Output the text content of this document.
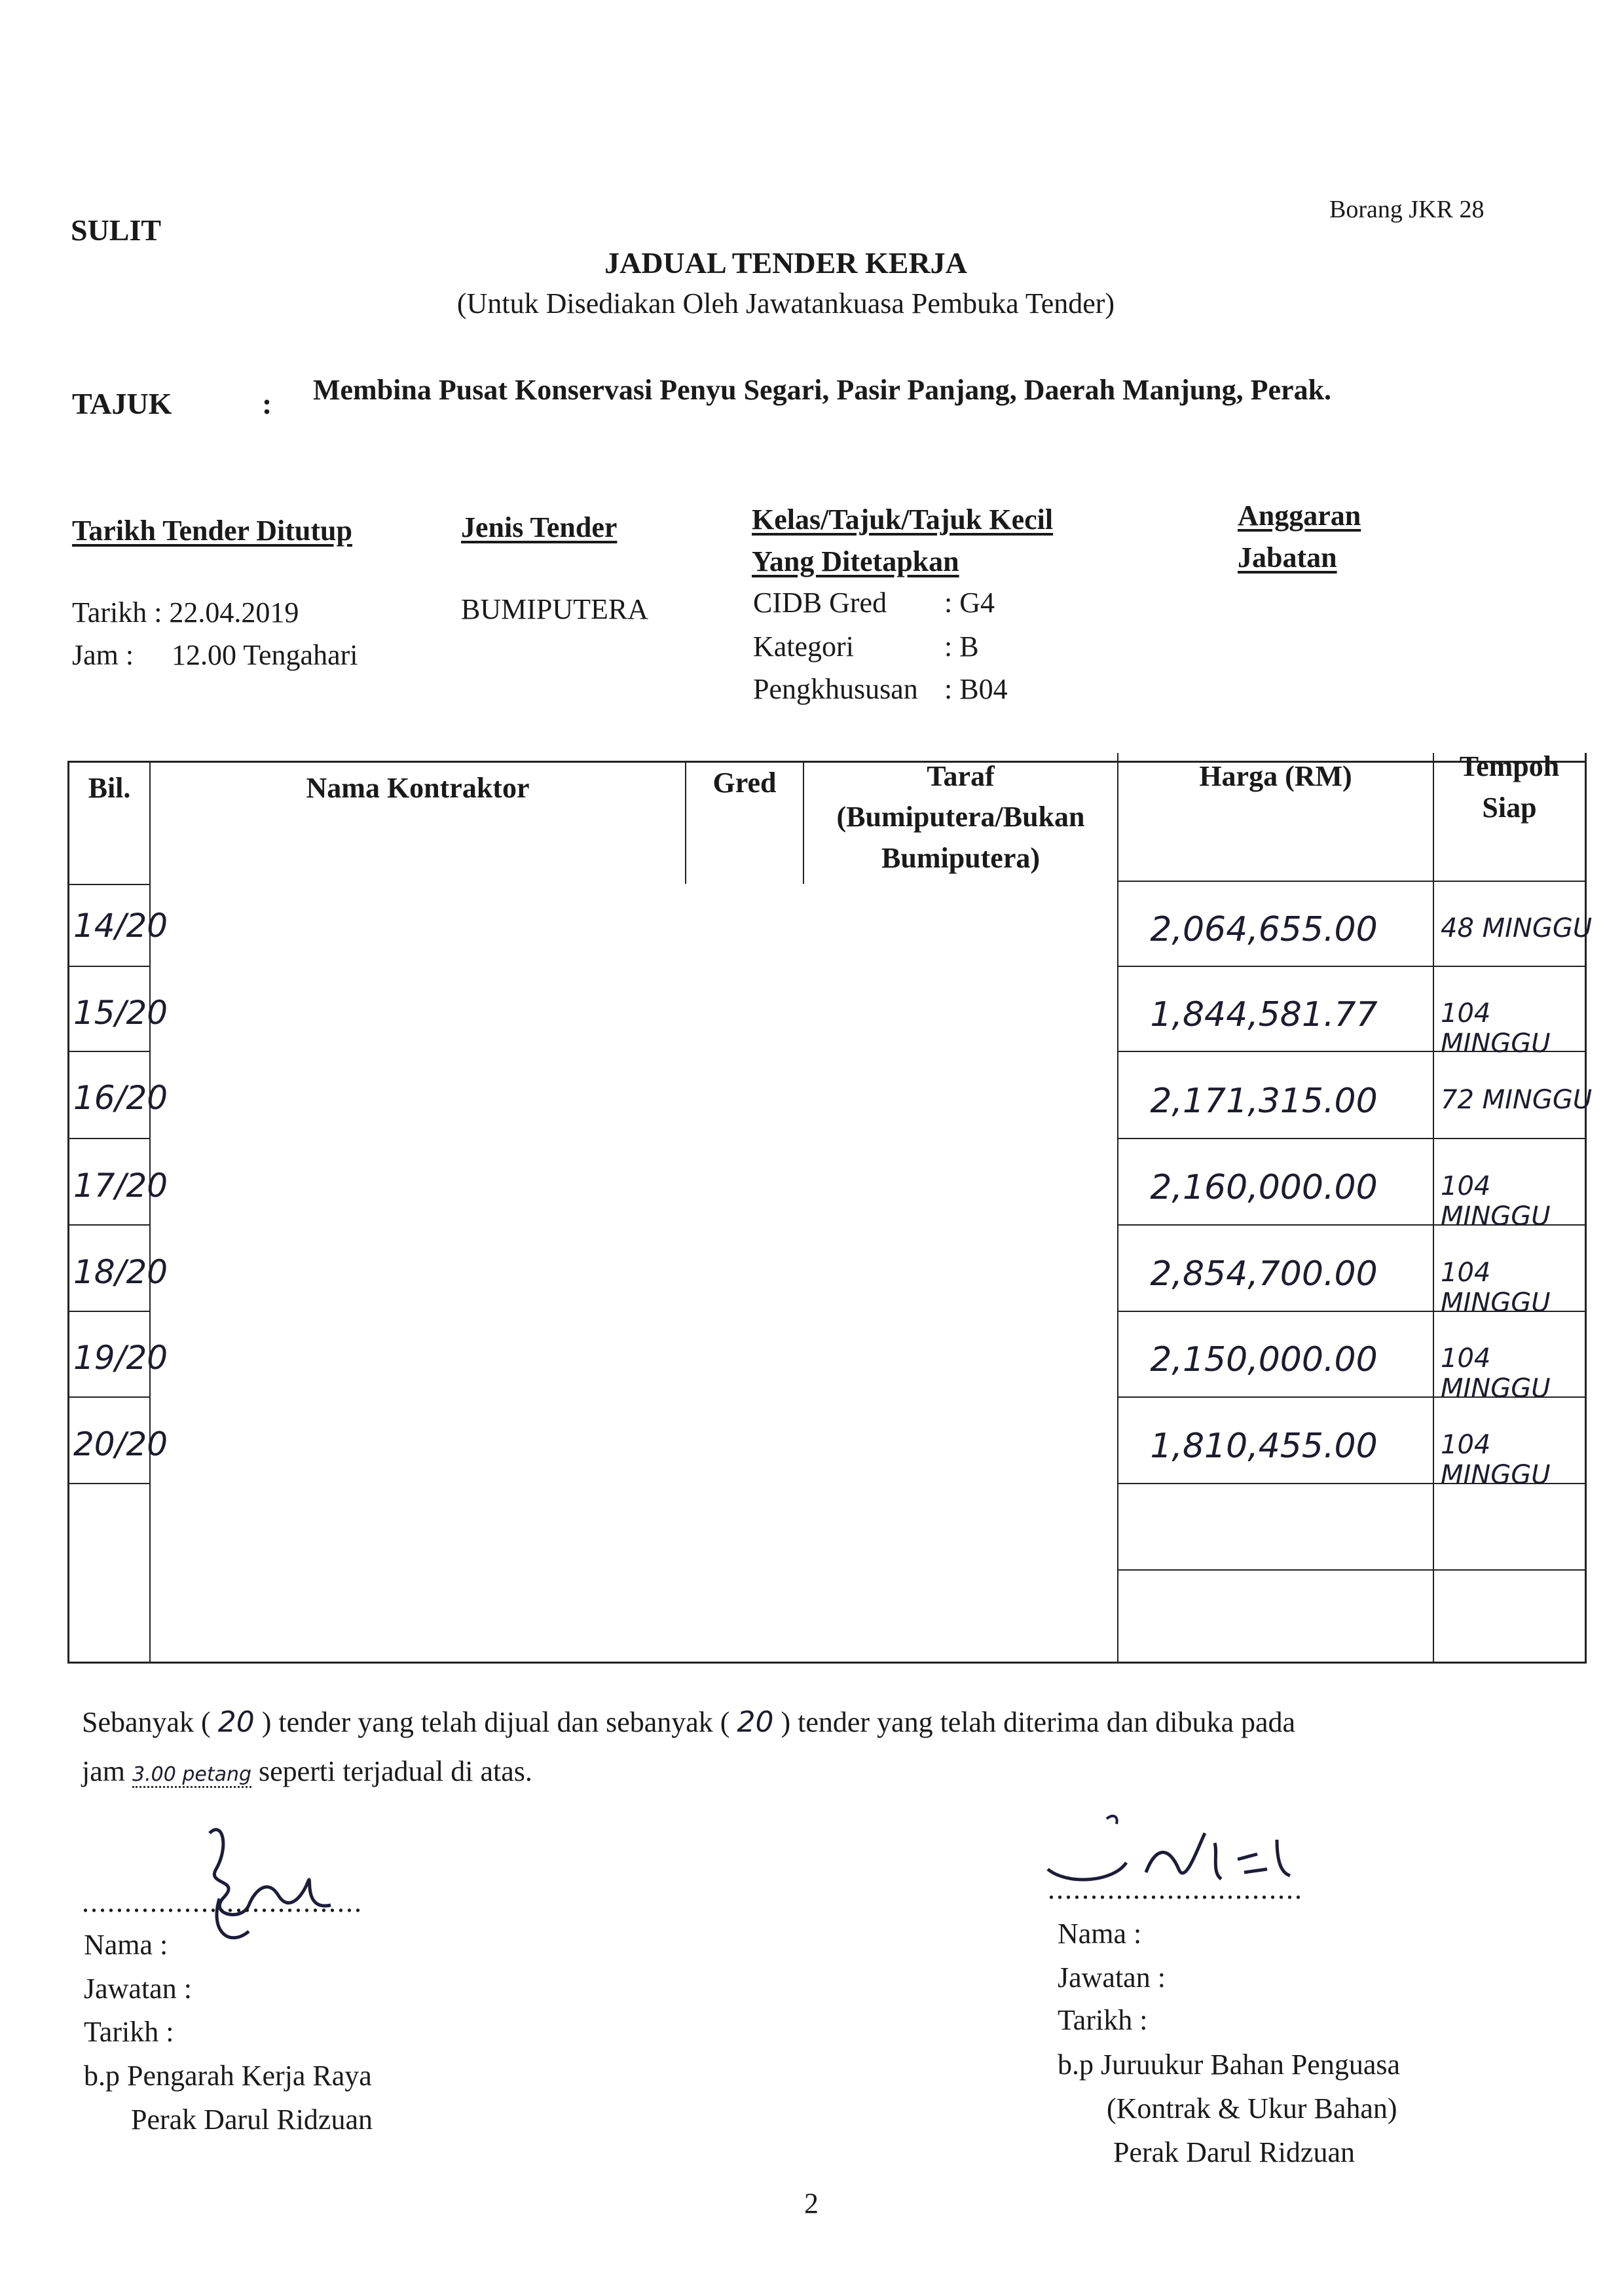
SULIT
Borang JKR 28
JADUAL TENDER KERJA
(Untuk Disediakan Oleh Jawatankuasa Pembuka Tender)
TAJUK	: Membina Pusat Konservasi Penyu Segari, Pasir Panjang, Daerah Manjung, Perak.
Tarikh Tender Ditutup	Jenis Tender	Kelas/Tajuk/Tajuk Kecil
Yang Ditetapkan
Anggaran
Jabatan
Tarikh : 22.04.2019
Jam : 12.00 Tengahari
BUMIPUTERA	CIDB Gred : G4
Kategori	: B
Pengkhususan : B04
Bil.	Nama Kontraktor	Gred	Taraf
(Bumiputera/Bukan
Bumiputera)
Harga (RM)	Tempoh
Siap
14/20	2,064,655.00	48 MINGGU
15/20	1,844,581.77	104 MINGGU
16/20	2,171,315.00	72 MINGGU
17/20	2,160,000.00	104 MINGGU
18/20	2,854,700.00	104 MINGGU
19/20	2,150,000.00	104 MINGGU
20/20	1,810,455.00	104 MINGGU
Sebanyak ( 20 ) tender yang telah dijual dan sebanyak ( 20 ) tender yang telah diterima dan dibuka pada
jam 3.00 petang seperti terjadual di atas.
.................................
Nama :
Jawatan :
Tarikh :
b.p Pengarah Kerja Raya
Perak Darul Ridzuan
..............................
Nama :
Jawatan :
Tarikh :
b.p Juruukur Bahan Penguasa
(Kontrak & Ukur Bahan)
Perak Darul Ridzuan
2
